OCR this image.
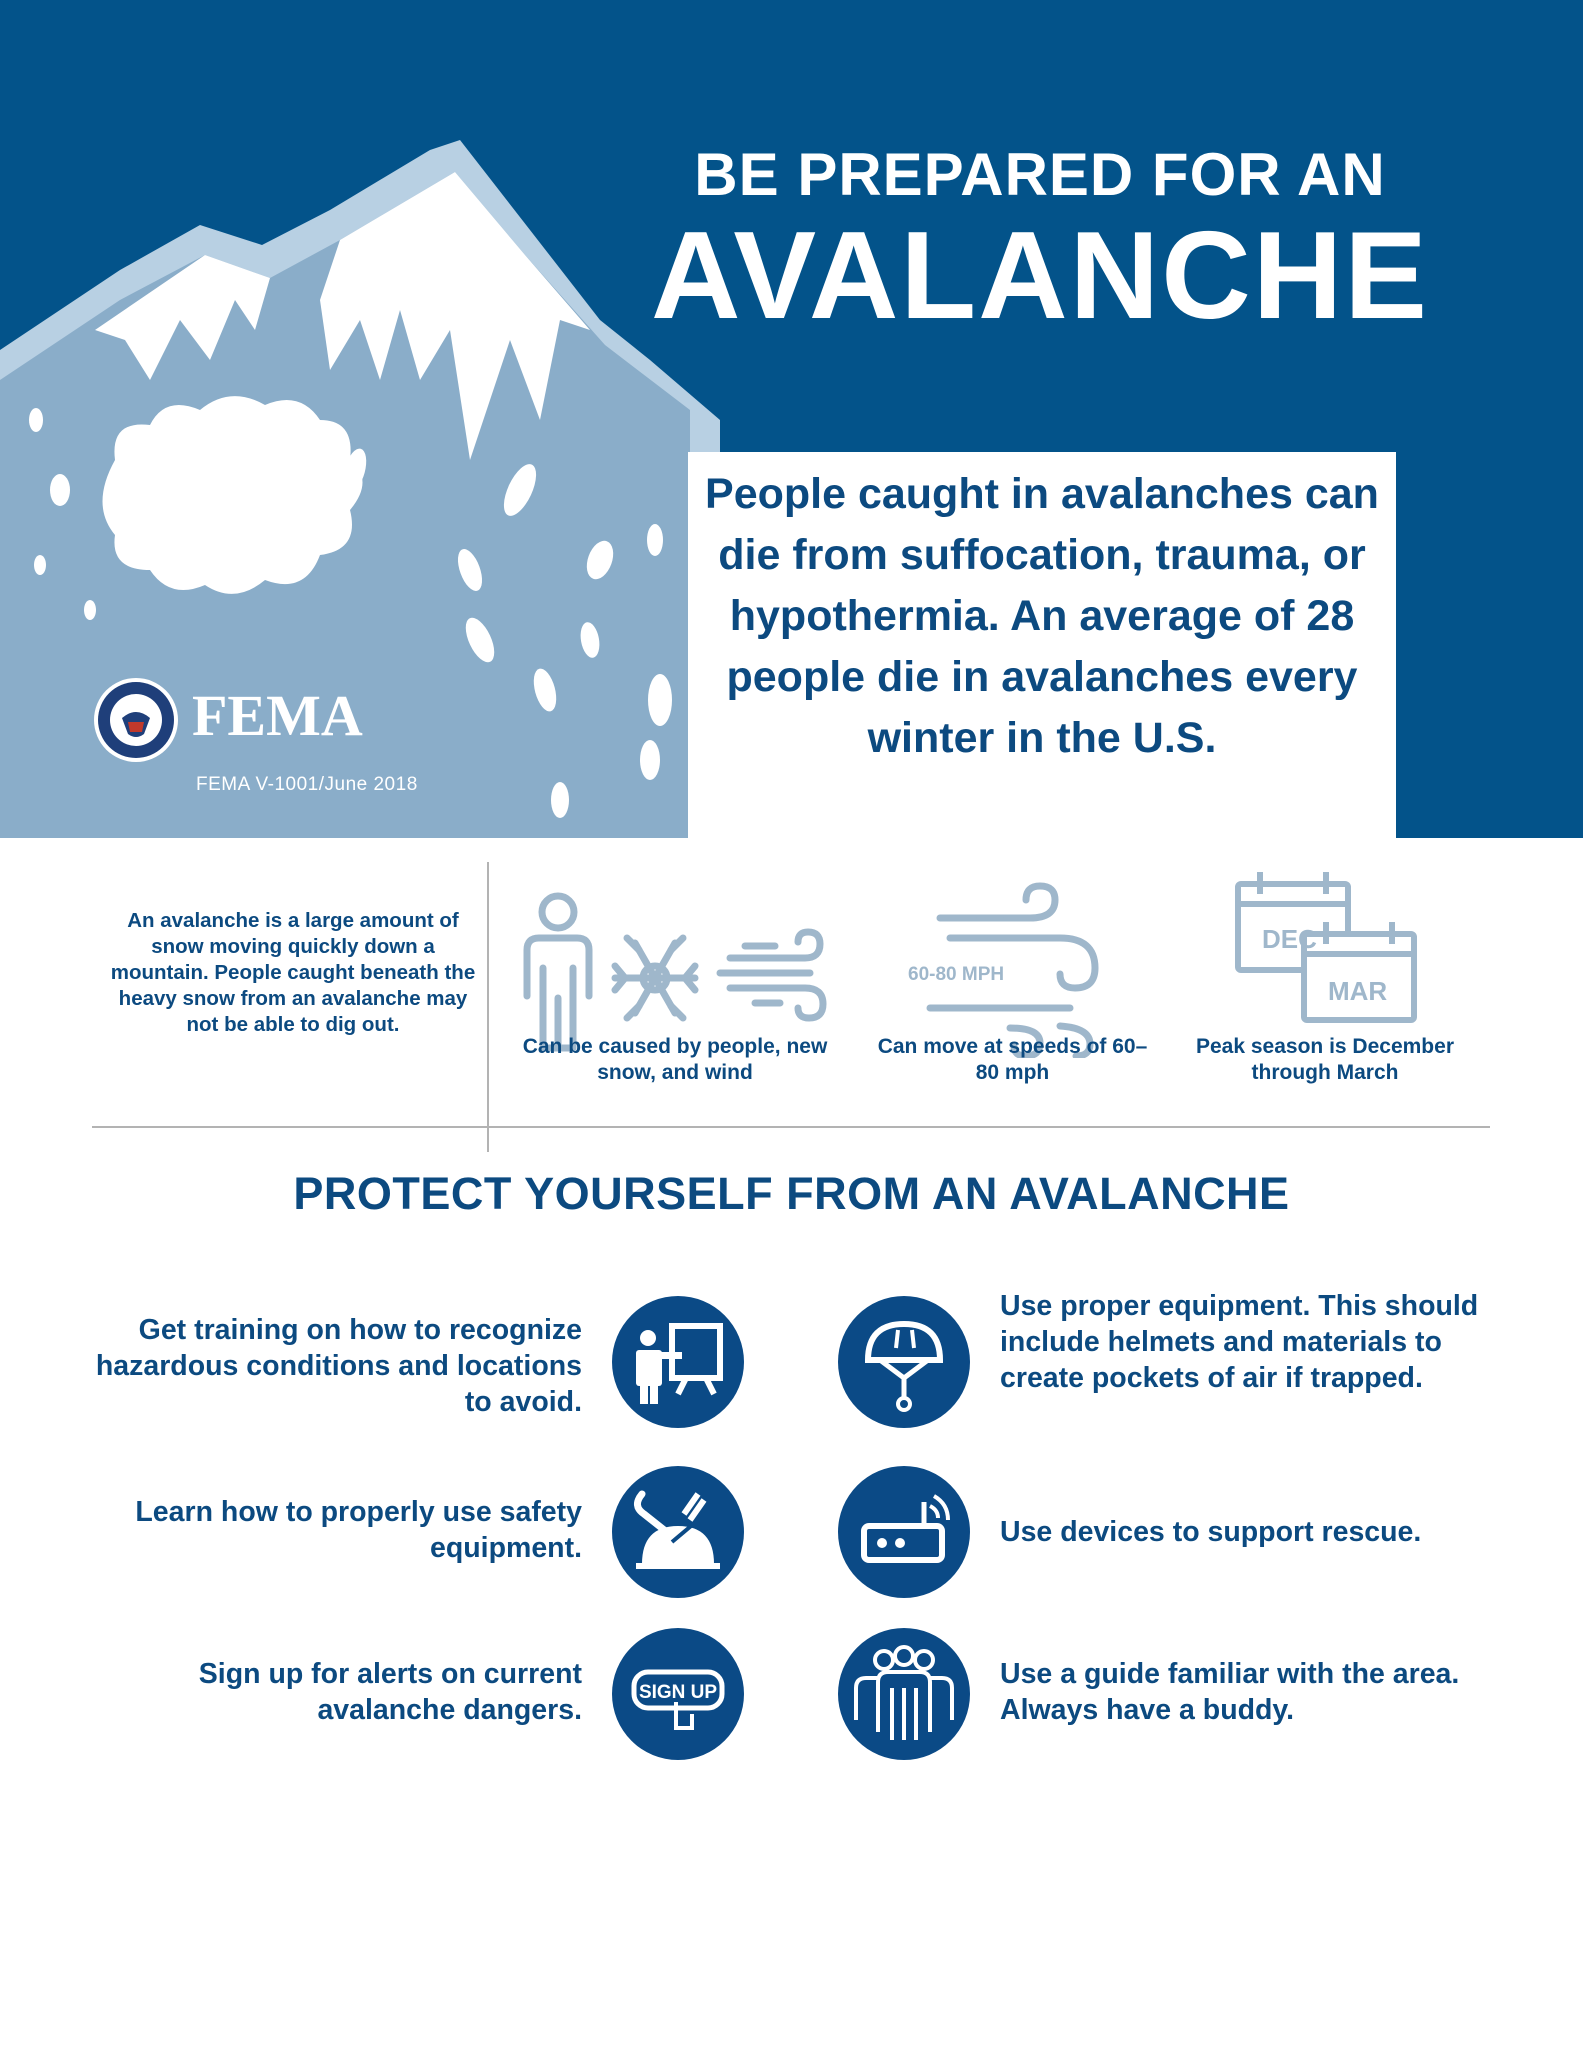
BE PREPARED FOR AN
AVALANCHE
FEMA
FEMA V-1001/June 2018
People caught in avalanches can die from suffocation, trauma, or hypothermia. An average of 28 people die in avalanches every winter in the U.S.
An avalanche is a large amount of snow moving quickly down a mountain. People caught beneath the heavy snow from an avalanche may not be able to dig out.
Can be caused by people, new snow, and wind
60-80 MPH
Can move at speeds of 60–80 mph
DEC
MAR
Peak season is December through March
PROTECT YOURSELF FROM AN AVALANCHE
Get training on how to recognize hazardous conditions and locations to avoid.
Use proper equipment. This should include helmets and materials to create pockets of air if trapped.
Learn how to properly use safety equipment.	Use devices to support rescue.
Sign up for alerts on current avalanche dangers.
SIGN UP
Use a guide familiar with the area. Always have a buddy.
